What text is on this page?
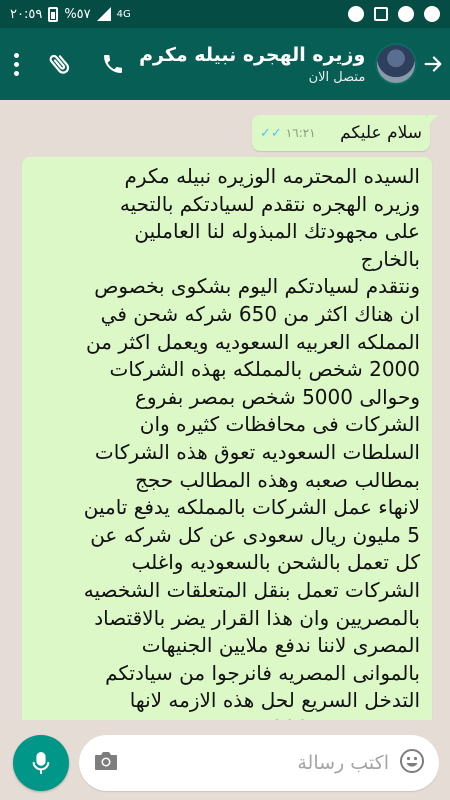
٢٠:٥٩ %٥٧	4G
وزيره الهجره نبيله مكرم
متصل الان
✓✓ ١٦:٢١ سلام عليكم
السيده المحترمه الوزيره نبيله مكرم
وزيره الهجره نتقدم لسيادتكم بالتحيه
على مجهودتك المبذوله لنا العاملين
بالخارج
ونتقدم لسيادتكم اليوم بشكوى بخصوص
ان هناك اكثر من 650 شركه شحن في
المملكه العربيه السعوديه ويعمل اكثر من
2000 شخص بالمملكه بهذه الشركات
وحوالى 5000 شخص بمصر بفروع
الشركات فى محافظات كثيره وان
السلطات السعوديه تعوق هذه الشركات
بمطالب صعبه وهذه المطالب حجج
لانهاء عمل الشركات بالمملكه يدفع تامين
5 مليون ريال سعودى عن كل شركه عن
كل تعمل بالشحن بالسعوديه واغلب
الشركات تعمل بنقل المتعلقات الشخصيه
بالمصريين وان هذا القرار يضر بالاقتصاد
المصرى لاننا ندفع ملايين الجنيهات
بالموانى المصريه فانرجوا من سيادتكم
التدخل السريع لحل هذه الازمه لانها

اكتب رسالة
